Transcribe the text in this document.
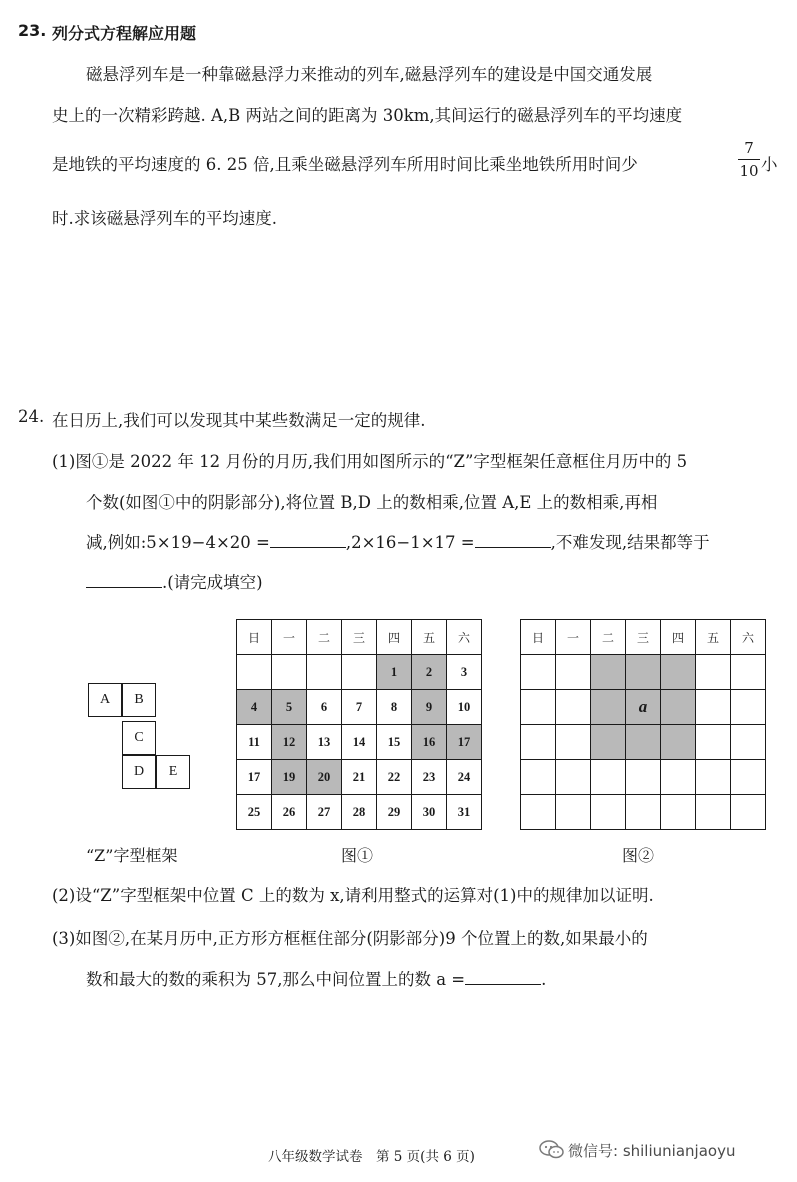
23. 列分式方程解应用题
磁悬浮列车是一种靠磁悬浮力来推动的列车,磁悬浮列车的建设是中国交通发展
史上的一次精彩跨越. A,B 两站之间的距离为 30km,其间运行的磁悬浮列车的平均速度
是地铁的平均速度的 6. 25 倍,且乘坐磁悬浮列车所用时间比乘坐地铁所用时间少
7
10 小
时.求该磁悬浮列车的平均速度.
24. 在日历上,我们可以发现其中某些数满足一定的规律.
(1)图①是 2022 年 12 月份的月历,我们用如图所示的“Z”字型框架任意框住月历中的 5
个数(如图①中的阴影部分),将位置 B,D 上的数相乘,位置 A,E 上的数相乘,再相
减,例如:5×19−4×20 =	,2×16−1×17 =	,不难发现,结果都等于
.(请完成填空)
A	B
C
D	E
“Z”字型框架
日	一	二	三	四	五	六
				1	2	3
4	5	6	7	8	9	10
11	12	13	14	15	16	17
17	19	20	21	22	23	24
25	26	27	28	29	30	31
图①
日	一	二	三	四	五	六

			a			

图②
(2)设“Z”字型框架中位置 C 上的数为 x,请利用整式的运算对(1)中的规律加以证明.
(3)如图②,在某月历中,正方形方框框住部分(阴影部分)9 个位置上的数,如果最小的
数和最大的数的乘积为 57,那么中间位置上的数 a =	.
八年级数学试卷　第 5 页(共 6 页)	微信号: shiliunianjaoyu
